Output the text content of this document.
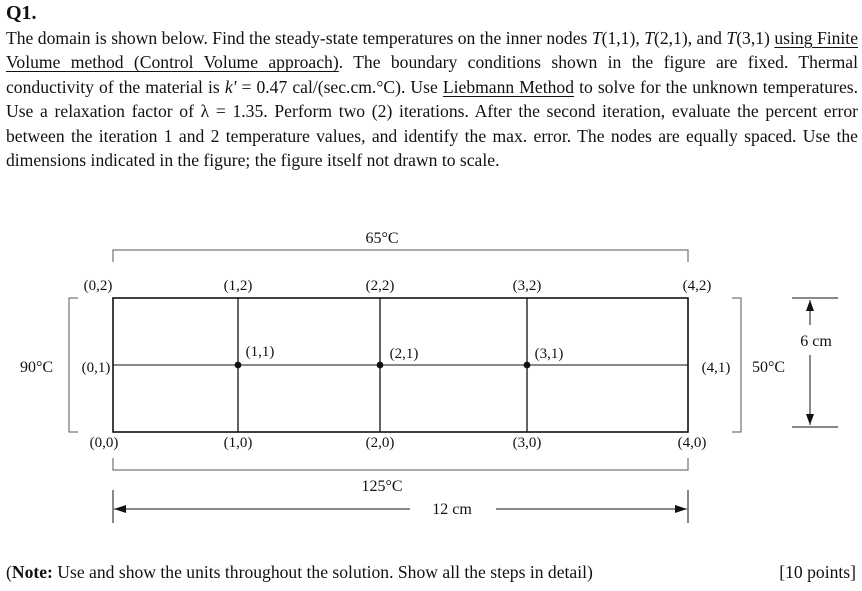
Q1.

The domain is shown below. Find the steady-state temperatures on the inner nodes T(1,1), T(2,1), and T(3,1) using Finite Volume method (Control Volume approach). The boundary conditions shown in the figure are fixed. Thermal conductivity of the material is k' = 0.47 cal/(sec.cm.°C). Use Liebmann Method to solve for the unknown temperatures. Use a relaxation factor of λ = 1.35. Perform two (2) iterations. After the second iteration, evaluate the percent error between the iteration 1 and 2 temperature values, and identify the max. error. The nodes are equally spaced. Use the dimensions indicated in the figure; the figure itself not drawn to scale.

65°C
90°C	50°C
125°C
(0,2)	(1,2)	(2,2)	(3,2)	(4,2)
(0,1)
(1,1)	(2,1)	(3,1)
(4,1)
(0,0)	(1,0)	(2,0)	(3,0)	(4,0)
12 cm
6 cm
(Note: Use and show the units throughout the solution. Show all the steps in detail)	[10 points]
